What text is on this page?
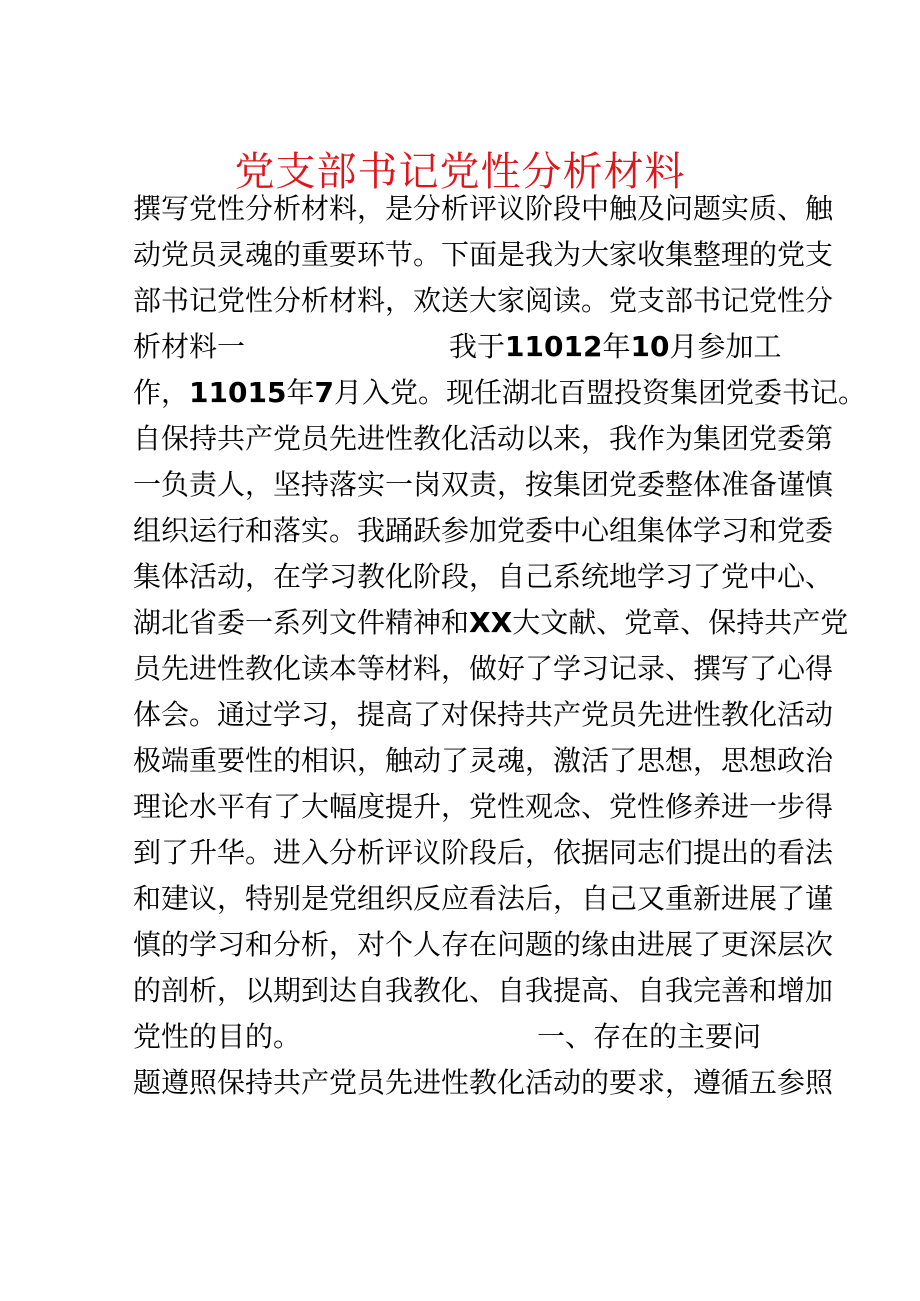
党支部书记党性分析材料
撰写党性分析材料，是分析评议阶段中触及问题实质、触
动党员灵魂的重要环节。下面是我为大家收集整理的党支
部书记党性分析材料，欢送大家阅读。党支部书记党性分
析材料一	我于11012年10月参加工
作，11015年7月入党。现任湖北百盟投资集团党委书记。
自保持共产党员先进性教化活动以来，我作为集团党委第
一负责人，坚持落实一岗双责，按集团党委整体准备谨慎
组织运行和落实。我踊跃参加党委中心组集体学习和党委
集体活动，在学习教化阶段，自己系统地学习了党中心、
湖北省委一系列文件精神和XX大文献、党章、保持共产党
员先进性教化读本等材料，做好了学习记录、撰写了心得
体会。通过学习，提高了对保持共产党员先进性教化活动
极端重要性的相识，触动了灵魂，激活了思想，思想政治
理论水平有了大幅度提升，党性观念、党性修养进一步得
到了升华。进入分析评议阶段后，依据同志们提出的看法
和建议，特别是党组织反应看法后，自己又重新进展了谨
慎的学习和分析，对个人存在问题的缘由进展了更深层次
的剖析，以期到达自我教化、自我提高、自我完善和增加
党性的目的。	一、存在的主要问
题遵照保持共产党员先进性教化活动的要求，遵循五参照
